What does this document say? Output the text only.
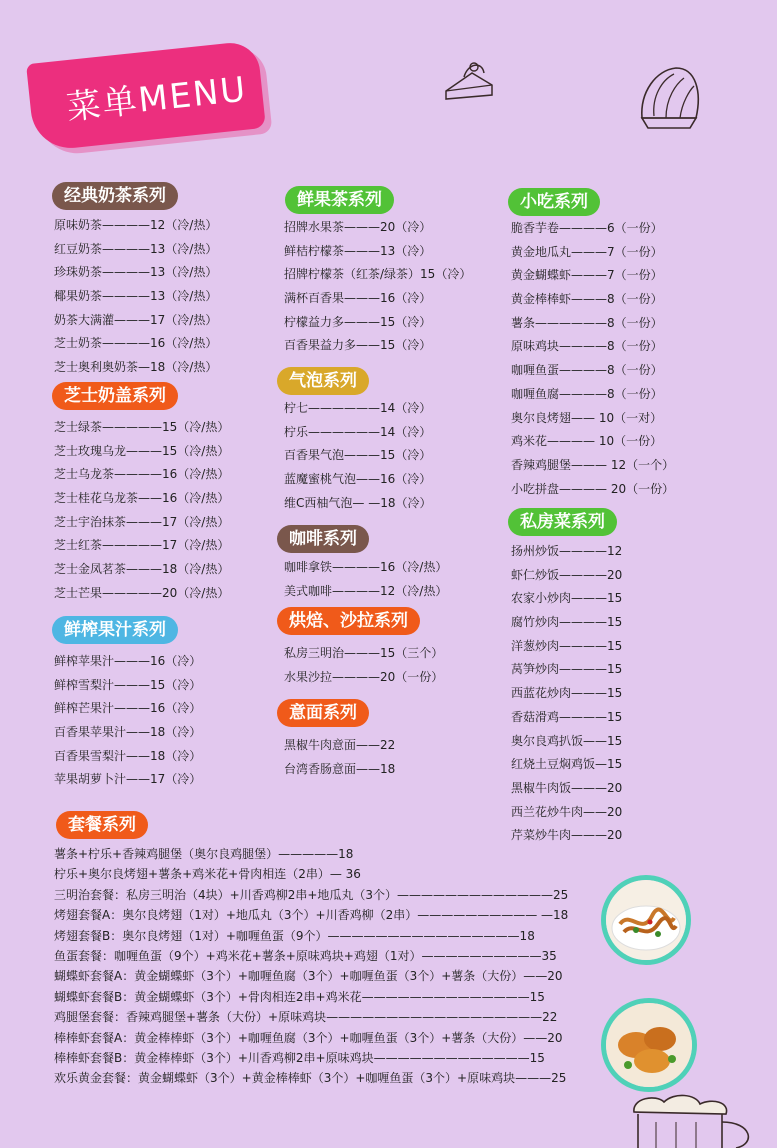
菜单MENU
经典奶茶系列
原味奶茶————12（冷/热）
红豆奶茶————13（冷/热）
珍珠奶茶————13（冷/热）
椰果奶茶————13（冷/热）
奶茶大满灌———17（冷/热）
芝士奶茶————16（冷/热）
芝士奥利奥奶茶—18（冷/热）
芝士奶盖系列
芝士绿茶—————15（冷/热）
芝士玫瑰乌龙———15（冷/热）
芝士乌龙茶————16（冷/热）
芝士桂花乌龙茶——16（冷/热）
芝士宇治抹茶———17（冷/热）
芝士红茶—————17（冷/热）
芝士金凤茗茶———18（冷/热）
芝士芒果—————20（冷/热）
鲜榨果汁系列
鲜榨苹果汁———16（冷）
鲜榨雪梨汁———15（冷）
鲜榨芒果汁———16（冷）
百香果苹果汁——18（冷）
百香果雪梨汁——18（冷）
苹果胡萝卜汁——17（冷）
鲜果茶系列
招牌水果茶———20（冷）
鲜桔柠檬茶———13（冷）
招牌柠檬茶（红茶/绿茶）15（冷）
满杯百香果———16（冷）
柠檬益力多———15（冷）
百香果益力多——15（冷）
气泡系列
柠七——————14（冷）
柠乐——————14（冷）
百香果气泡———15（冷）
蓝魔蜜桃气泡——16（冷）
维C西柚气泡— —18（冷）
咖啡系列
咖啡拿铁————16（冷/热）
美式咖啡————12（冷/热）
烘焙、沙拉系列
私房三明治———15（三个）
水果沙拉————20（一份）
意面系列
黑椒牛肉意面——22
台湾香肠意面——18
小吃系列
脆香芋卷————6（一份）
黄金地瓜丸———7（一份）
黄金蝴蝶虾———7（一份）
黄金棒棒虾———8（一份）
薯条——————8（一份）
原味鸡块————8（一份）
咖喱鱼蛋————8（一份）
咖喱鱼腐————8（一份）
奥尔良烤翅—— 10（一对）
鸡米花———— 10（一份）
香辣鸡腿堡——— 12（一个）
小吃拼盘———— 20（一份）
私房菜系列
扬州炒饭————12
虾仁炒饭————20
农家小炒肉———15
腐竹炒肉————15
洋葱炒肉————15
莴笋炒肉————15
西蓝花炒肉———15
香菇滑鸡————15
奥尔良鸡扒饭——15
红烧土豆焖鸡饭—15
黑椒牛肉饭———20
西兰花炒牛肉——20
芹菜炒牛肉———20
套餐系列
薯条+柠乐+香辣鸡腿堡（奥尔良鸡腿堡）—————18
柠乐+奥尔良烤翅+薯条+鸡米花+骨肉相连（2串）— 36
三明治套餐：私房三明治（4块）+川香鸡柳2串+地瓜丸（3个）—————————————25
烤翅套餐A：奥尔良烤翅（1对）+地瓜丸（3个）+川香鸡柳（2串）—————————— —18
烤翅套餐B：奥尔良烤翅（1对）+咖喱鱼蛋（9个）————————————————18
鱼蛋套餐：咖喱鱼蛋（9个）+鸡米花+薯条+原味鸡块+鸡翅（1对）——————————35
蝴蝶虾套餐A：黄金蝴蝶虾（3个）+咖喱鱼腐（3个）+咖喱鱼蛋（3个）+薯条（大份）——20
蝴蝶虾套餐B：黄金蝴蝶虾（3个）+骨肉相连2串+鸡米花——————————————15
鸡腿堡套餐：香辣鸡腿堡+薯条（大份）+原味鸡块——————————————————22
棒棒虾套餐A：黄金棒棒虾（3个）+咖喱鱼腐（3个）+咖喱鱼蛋（3个）+薯条（大份）——20
棒棒虾套餐B：黄金棒棒虾（3个）+川香鸡柳2串+原味鸡块—————————————15
欢乐黄金套餐：黄金蝴蝶虾（3个）+黄金棒棒虾（3个）+咖喱鱼蛋（3个）+原味鸡块———25
